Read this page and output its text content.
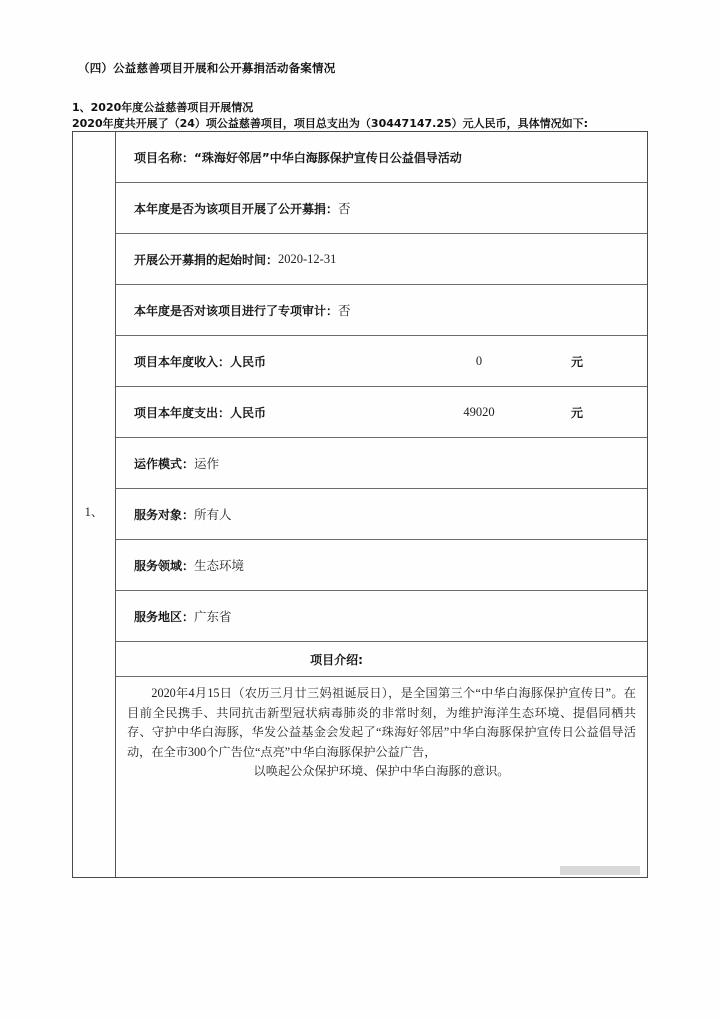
（四）公益慈善项目开展和公开募捐活动备案情况
1、2020年度公益慈善项目开展情况
2020年度共开展了（24）项公益慈善项目，项目总支出为（30447147.25）元人民币，具体情况如下:
1、
项目名称： “珠海好邻居”中华白海豚保护宣传日公益倡导活动
本年度是否为该项目开展了公开募捐： 否
开展公开募捐的起始时间： 2020-12-31
本年度是否对该项目进行了专项审计： 否
项目本年度收入：人民币	0	元
项目本年度支出：人民币	49020	元
运作模式： 运作
服务对象： 所有人
服务领域： 生态环境
服务地区： 广东省
项目介绍:
2020年4月15日（农历三月廿三妈祖诞辰日），是全国第三个“中华白海豚保护宣传日”。在目前全民携手、共同抗击新型冠状病毒肺炎的非常时刻，为维护海洋生态环境、提倡同栖共存、守护中华白海豚，华发公益基金会发起了“珠海好邻居”中华白海豚保护宣传日公益倡导活动，在全市300个广告位“点亮”中华白海豚保护公益广告，
以唤起公众保护环境、保护中华白海豚的意识。
